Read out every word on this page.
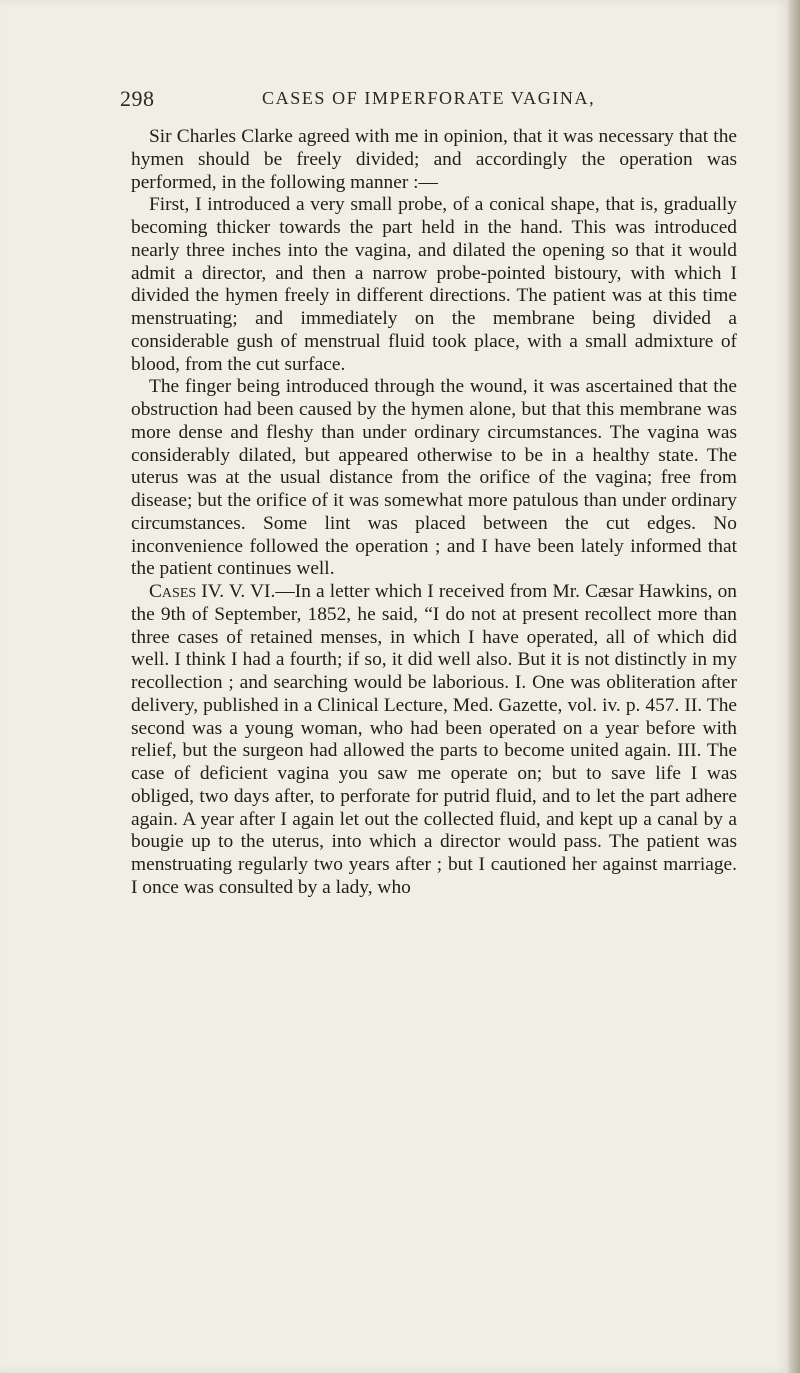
298	CASES OF IMPERFORATE VAGINA,

Sir Charles Clarke agreed with me in opinion, that it was necessary that the hymen should be freely divided; and accordingly the operation was performed, in the following manner :—

First, I introduced a very small probe, of a conical shape, that is, gradually becoming thicker towards the part held in the hand. This was introduced nearly three inches into the vagina, and dilated the opening so that it would admit a director, and then a narrow probe-pointed bistoury, with which I divided the hymen freely in different directions. The patient was at this time menstruating; and immediately on the membrane being divided a considerable gush of menstrual fluid took place, with a small admixture of blood, from the cut surface.

The finger being introduced through the wound, it was ascertained that the obstruction had been caused by the hymen alone, but that this membrane was more dense and fleshy than under ordinary circumstances. The vagina was considerably dilated, but appeared otherwise to be in a healthy state. The uterus was at the usual distance from the orifice of the vagina; free from disease; but the orifice of it was somewhat more patulous than under ordinary circumstances. Some lint was placed between the cut edges. No inconvenience followed the operation ; and I have been lately informed that the patient continues well.

Cases IV. V. VI.—In a letter which I received from Mr. Cæsar Hawkins, on the 9th of September, 1852, he said, “I do not at present recollect more than three cases of retained menses, in which I have operated, all of which did well. I think I had a fourth; if so, it did well also. But it is not distinctly in my recollection ; and searching would be laborious. I. One was obliteration after delivery, published in a Clinical Lecture, Med. Gazette, vol. iv. p. 457. II. The second was a young woman, who had been operated on a year before with relief, but the surgeon had allowed the parts to become united again. III. The case of deficient vagina you saw me operate on; but to save life I was obliged, two days after, to perforate for putrid fluid, and to let the part adhere again. A year after I again let out the collected fluid, and kept up a canal by a bougie up to the uterus, into which a director would pass. The patient was menstruating regularly two years after ; but I cautioned her against marriage. I once was consulted by a lady, who
